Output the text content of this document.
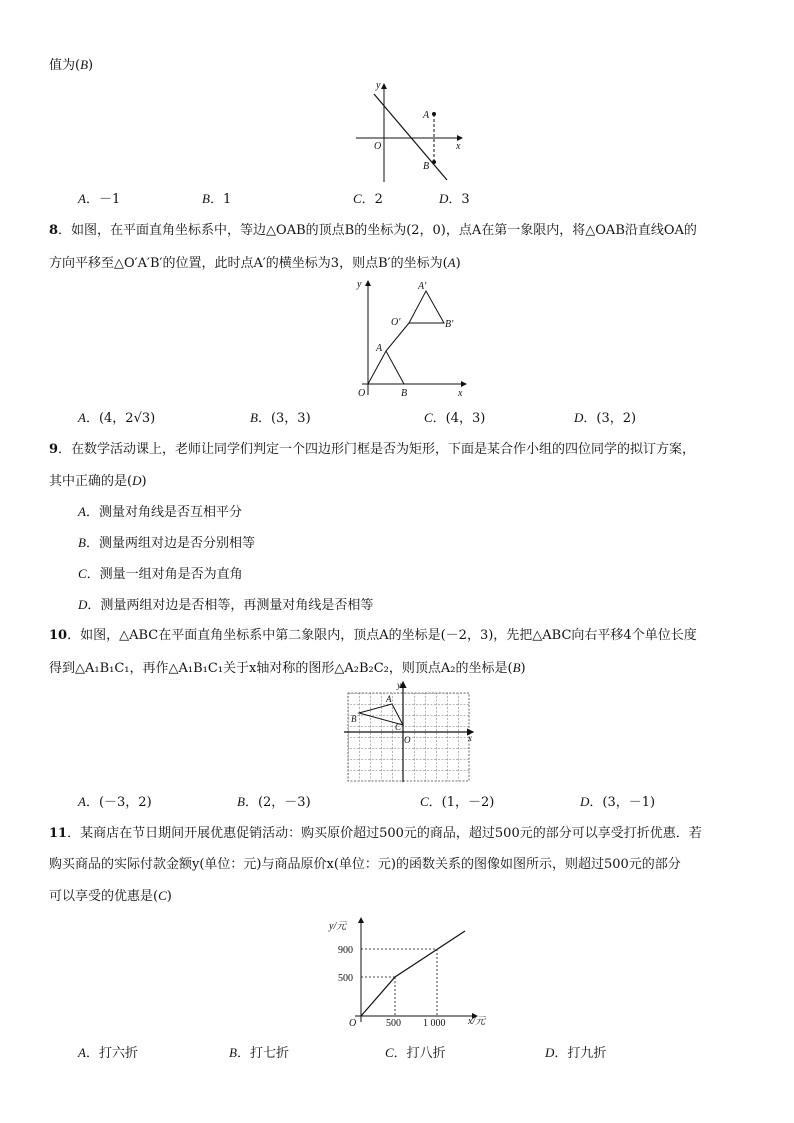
值为(B)
y
x
O
A
B
A．－1	B．1	C．2	D．3
8．如图，在平面直角坐标系中，等边△OAB的顶点B的坐标为(2，0)，点A在第一象限内，将△OAB沿直线OA的
方向平移至△O′A′B′的位置，此时点A′的横坐标为3，则点B′的坐标为(A)
y
x
O	B
A
O′
A′
B′
A．(4，2√3)	B．(3，3)	C．(4，3)	D．(3，2)
9．在数学活动课上，老师让同学们判定一个四边形门框是否为矩形，下面是某合作小组的四位同学的拟订方案，
其中正确的是(D)
A．测量对角线是否互相平分
B．测量两组对边是否分别相等
C．测量一组对角是否为直角
D．测量两组对边是否相等，再测量对角线是否相等
10．如图，△ABC在平面直角坐标系中第二象限内，顶点A的坐标是(－2，3)，先把△ABC向右平移4个单位长度
得到△A₁B₁C₁，再作△A₁B₁C₁关于x轴对称的图形△A₂B₂C₂，则顶点A₂的坐标是(B)
y
x
O
A
B
C
A．(－3，2)	B．(2，－3)	C．(1，－2)	D．(3，－1)
11．某商店在节日期间开展优惠促销活动：购买原价超过500元的商品，超过500元的部分可以享受打折优惠．若
购买商品的实际付款金额y(单位：元)与商品原价x(单位：元)的函数关系的图像如图所示，则超过500元的部分
可以享受的优惠是(C)
y/元
x/元
O
900
500
500 1 000
A．打六折	B．打七折	C．打八折	D．打九折
